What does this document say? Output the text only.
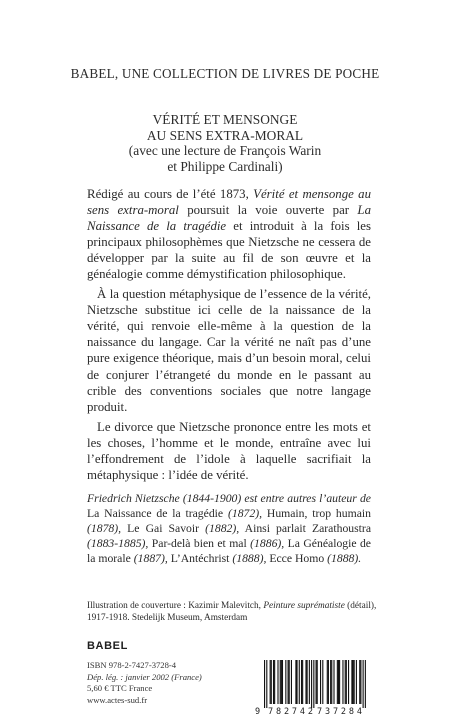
BABEL, UNE COLLECTION DE LIVRES DE POCHE
VÉRITÉ ET MENSONGE
AU SENS EXTRA-MORAL
(avec une lecture de François Warin
et Philippe Cardinali)

Rédigé au cours de l’été 1873, Vérité et mensonge au sens extra-moral poursuit la voie ouverte par La Naissance de la tragédie et introduit à la fois les principaux philosophèmes que Nietzsche ne cessera de développer par la suite au fil de son œuvre et la généalogie comme démystification philosophique.

À la question métaphysique de l’essence de la vérité, Nietzsche substitue ici celle de la naissance de la vérité, qui renvoie elle-même à la question de la naissance du langage. Car la vérité ne naît pas d’une pure exigence théorique, mais d’un besoin moral, celui de conjurer l’étrangeté du monde en le passant au crible des conventions sociales que notre langage produit.

Le divorce que Nietzsche prononce entre les mots et les choses, l’homme et le monde, entraîne avec lui l’effondrement de l’idole à laquelle sacrifiait la métaphysique : l’idée de vérité.

Friedrich Nietzsche (1844-1900) est entre autres l’auteur de La Naissance de la tragédie (1872), Humain, trop humain (1878), Le Gai Savoir (1882), Ainsi parlait Zarathoustra (1883-1885), Par-delà bien et mal (1886), La Généalogie de la morale (1887), L’Antéchrist (1888), Ecce Homo (1888).
Illustration de couverture : Kazimir Malevitch, Peinture suprématiste (détail), 1917-1918. Stedelijk Museum, Amsterdam
BABEL
ISBN 978-2-7427-3728-4
Dép. lég. : janvier 2002 (France)
5,60 € TTC France
www.actes-sud.fr
9 782742 737284
